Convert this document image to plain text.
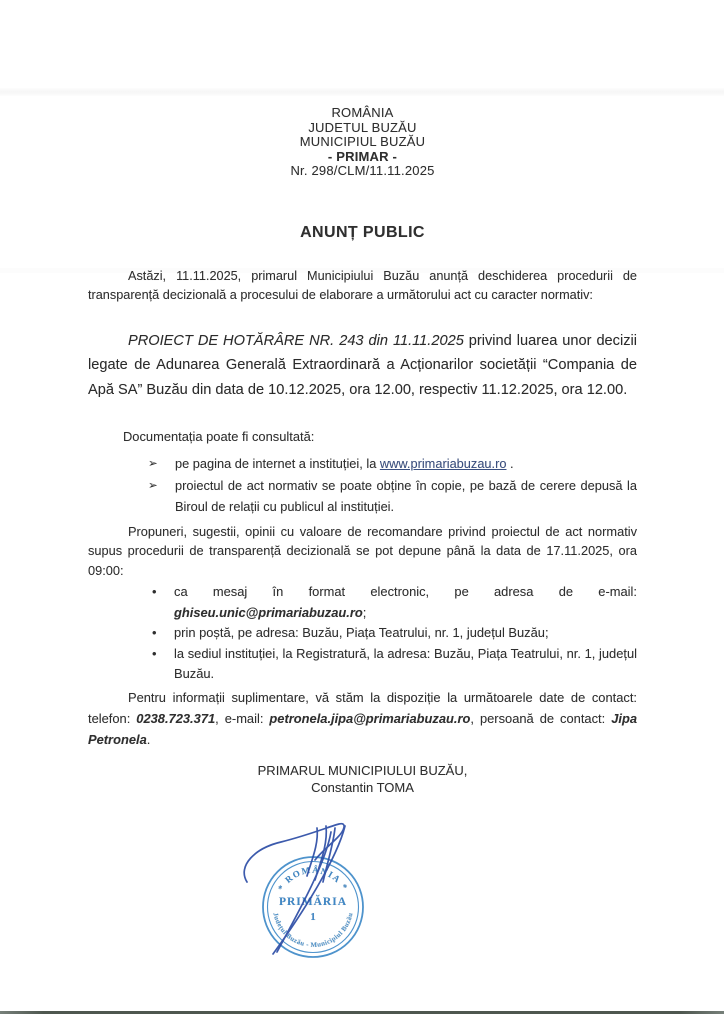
ROMÂNIA
JUDETUL BUZĂU
MUNICIPIUL BUZĂU
- PRIMAR -
Nr. 298/CLM/11.11.2025
ANUNȚ PUBLIC

Astăzi, 11.11.2025, primarul Municipiului Buzău anunță deschiderea procedurii de transparență decizională a procesului de elaborare a următorului act cu caracter normativ:

PROIECT DE HOTĂRÂRE NR. 243 din 11.11.2025 privind luarea unor decizii legate de Adunarea Generală Extraordinară a Acționarilor societății “Compania de Apă SA” Buzău din data de 10.12.2025, ora 12.00, respectiv 11.12.2025, ora 12.00.

Documentația poate fi consultată:
➢	pe pagina de internet a instituției, la www.primariabuzau.ro .
➢	proiectul de act normativ se poate obține în copie, pe bază de cerere depusă la Biroul de relații cu publicul al instituției.

Propuneri, sugestii, opinii cu valoare de recomandare privind proiectul de act normativ supus procedurii de transparență decizională se pot depune până la data de 17.11.2025, ora 09:00:

•	ca mesaj în format electronic, pe adresa de e-mail:
ghiseu.unic@primariabuzau.ro;
•	prin poștă, pe adresa: Buzău, Piața Teatrului, nr. 1, județul Buzău;
•	la sediul instituției, la Registratură, la adresa: Buzău, Piața Teatrului, nr. 1, județul Buzău.

Pentru informații suplimentare, vă stăm la dispoziție la următoarele date de contact: telefon: 0238.723.371, e-mail: petronela.jipa@primariabuzau.ro, persoană de contact: Jipa Petronela.

PRIMARUL MUNICIPIULUI BUZĂU,
Constantin TOMA
* ROMÂNIA *
Județul Buzău - Municipiul Buzău
PRIMĂRIA
1
